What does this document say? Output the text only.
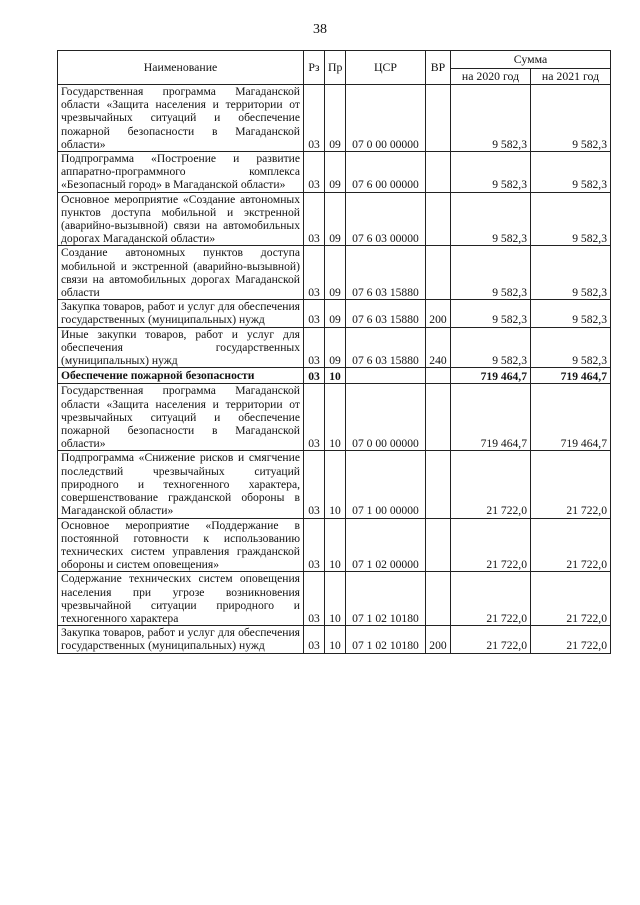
38
Наименование	Рз	Пр	ЦСР	ВР	Сумма	
					на 2020 год	на 2021 год
Государственная программа Магаданской области «Защита населения и территории от чрезвычайных ситуаций и обеспечение пожарной безопасности в Магаданской области»	03	09	07 0 00 00000		9 582,3	9 582,3
Подпрограмма «Построение и развитие аппаратно-программного комплекса «Безопасный город» в Магаданской области»	03	09	07 6 00 00000		9 582,3	9 582,3
Основное мероприятие «Создание автономных пунктов доступа мобильной и экстренной (аварийно-вызывной) связи на автомобильных дорогах Магаданской области»	03	09	07 6 03 00000		9 582,3	9 582,3
Создание автономных пунктов доступа мобильной и экстренной (аварийно-вызывной) связи на автомобильных дорогах Магаданской области	03	09	07 6 03 15880		9 582,3	9 582,3
Закупка товаров, работ и услуг для обеспечения государственных (муниципальных) нужд	03	09	07 6 03 15880	200	9 582,3	9 582,3
Иные закупки товаров, работ и услуг для обеспечения государственных (муниципальных) нужд	03	09	07 6 03 15880	240	9 582,3	9 582,3
Обеспечение пожарной безопасности	03	10			719 464,7	719 464,7
Государственная программа Магаданской области «Защита населения и территории от чрезвычайных ситуаций и обеспечение пожарной безопасности в Магаданской области»	03	10	07 0 00 00000		719 464,7	719 464,7
Подпрограмма «Снижение рисков и смягчение последствий чрезвычайных ситуаций природного и техногенного характера, совершенствование гражданской обороны в Магаданской области»	03	10	07 1 00 00000		21 722,0	21 722,0
Основное мероприятие «Поддержание в постоянной готовности к использованию технических систем управления гражданской обороны и систем оповещения»	03	10	07 1 02 00000		21 722,0	21 722,0
Содержание технических систем оповещения населения при угрозе возникновения чрезвычайной ситуации природного и техногенного характера	03	10	07 1 02 10180		21 722,0	21 722,0
Закупка товаров, работ и услуг для обеспечения государственных (муниципальных) нужд	03	10	07 1 02 10180	200	21 722,0	21 722,0
